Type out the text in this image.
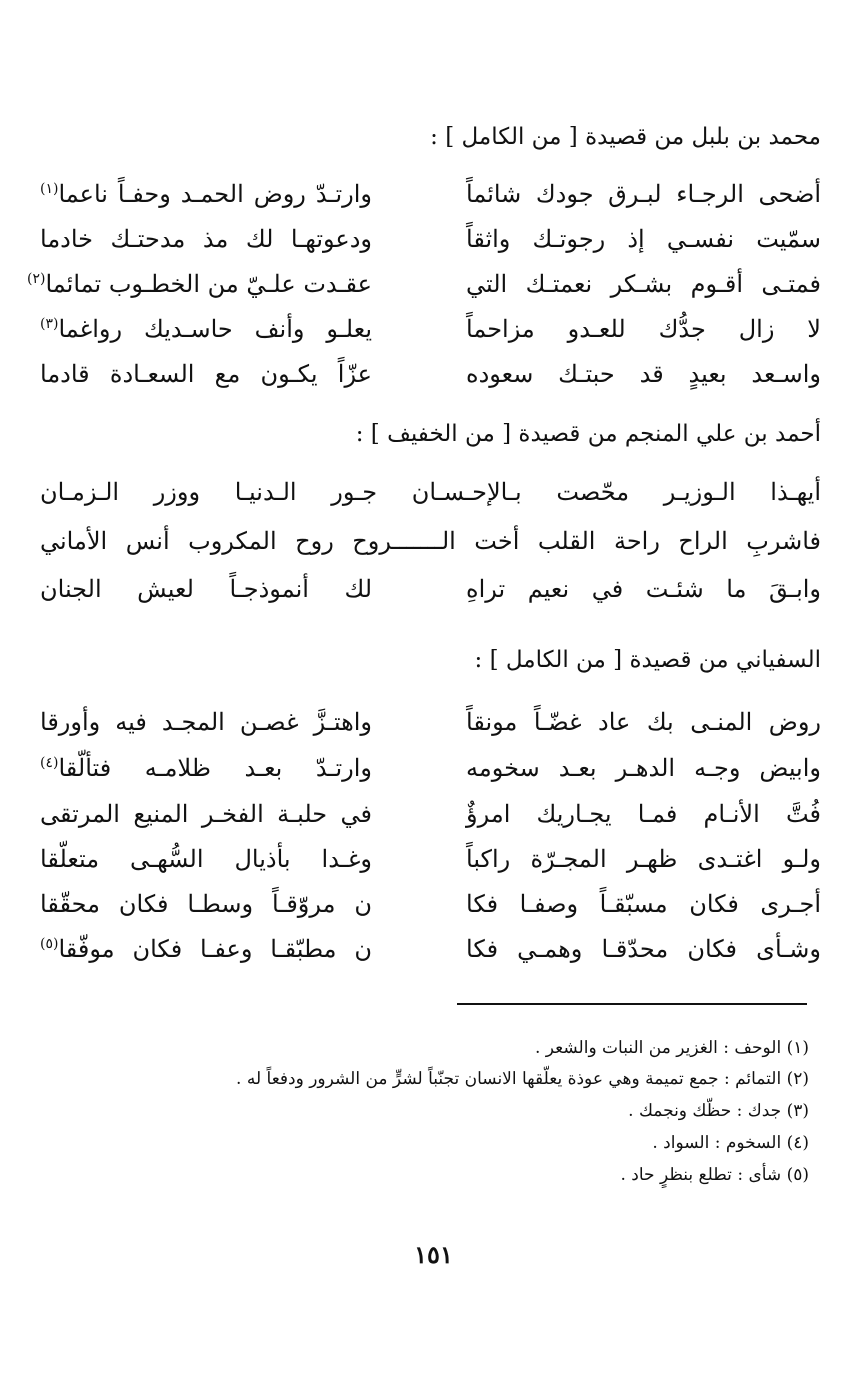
محمد بن بلبل من قصيدة [ من الكامل ] :
أضحى الرجـاء لبـرق جودك شائماً
وارتـدّ روض الحمـد وحفـاً ناعما$^{(١)}$
سمّيت نفسـي إذ رجوتـك واثقاً
ودعوتهـا لك مذ مدحتـك خادما
فمتـى أقـوم بشـكر نعمتـك التي
عقـدت علـيّ من الخطـوب تمائما$^{(٢)}$
لا زال جدُّك للعـدو مزاحماً
يعلـو وأنف حاسـديك رواغما$^{(٣)}$
واسـعد بعيدٍ قد حبتـك سعوده
عزّاً يكـون مع السعـادة قادما
أحمد بن علي المنجم من قصيدة [ من الخفيف ] :
أيهـذا الـوزيـر محّصت بـالإحـسـان جـور الـدنيـا ووزر الـزمـان
فاشربِ الراح راحة القلب أخت الـــــــروح روح المكروب أنس الأماني
وابـقَ ما شئـت في نعيم تراهِ
لك أنموذجـاً لعيش الجنان
السفياني من قصيدة [ من الكامل ] :
روض المنـى بك عاد غضّـاً مونقاً
واهتـزَّ غصـن المجـد فيه وأورقا
وابيض وجـه الدهـر بعـد سخومه
وارتـدّ بعـد ظلامـه فتألّقا$^{(٤)}$
فُتَّ الأنـام فمـا يجـاريك امرؤٌ
في حلبـة الفخـر المنيع المرتقى
ولـو اغتـدى ظهـر المجـرّة راكباً
وغـدا بأذيال السُّهـى متعلّقا
أجـرى فكان مسبّقـاً وصفـا فكا
ن مروّقـاً وسطـا فكان محقّقا
وشـأى فكان محدّقـا وهمـي فكا
ن مطبّقـا وعفـا فكان موفّقا$^{(٥)}$
(١) الوحف : الغزير من النبات والشعر .
(٢) التمائم : جمع تميمة وهي عوذة يعلّقها الانسان تجنّباً لشرٍّ من الشرور ودفعاً له .
(٣) جدك : حظّك ونجمك .
(٤) السخوم : السواد .
(٥) شأى : تطلع بنظرٍ حاد .
١٥١
